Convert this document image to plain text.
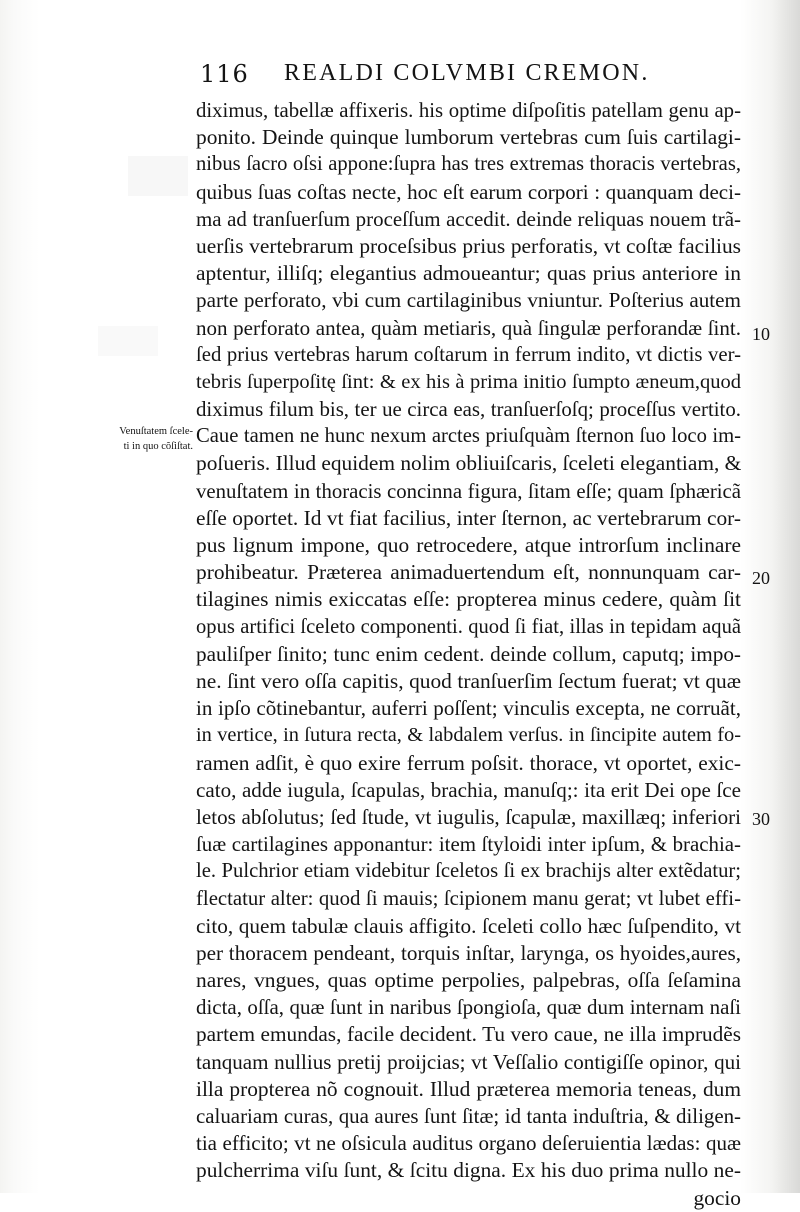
116 REALDI COLVMBI CREMON.
Venuſtatem ſcele-
ti in quo cõſiſtat.
10
20
30
diximus, tabellæ affixeris. his optime diſpoſitis patellam genu ap-
ponito. Deinde quinque lumborum vertebras cum ſuis cartilagi-
nibus ſacro oſsi appone:ſupra has tres extremas thoracis vertebras,
quibus ſuas coſtas necte, hoc eſt earum corpori : quanquam deci-
ma ad tranſuerſum proceſſum accedit. deinde reliquas nouem trã-
uerſis vertebrarum proceſsibus prius perforatis, vt coſtæ facilius
aptentur, illiſq; elegantius admoueantur; quas prius anteriore in
parte perforato, vbi cum cartilaginibus vniuntur. Poſterius autem
non perforato antea, quàm metiaris, quà ſingulæ perforandæ ſint.
ſed prius vertebras harum coſtarum in ferrum indito, vt dictis ver-
tebris ſuperpoſitę ſint: & ex his à prima initio ſumpto æneum,quod
diximus filum bis, ter ue circa eas, tranſuerſoſq; proceſſus vertito.
Caue tamen ne hunc nexum arctes priuſquàm ſternon ſuo loco im-
poſueris. Illud equidem nolim obliuiſcaris, ſceleti elegantiam, &
venuſtatem in thoracis concinna figura, ſitam eſſe; quam ſphæricã
eſſe oportet. Id vt fiat facilius, inter ſternon, ac vertebrarum cor-
pus lignum impone, quo retrocedere, atque introrſum inclinare
prohibeatur. Præterea animaduertendum eſt, nonnunquam car-
tilagines nimis exiccatas eſſe: propterea minus cedere, quàm ſit
opus artifici ſceleto componenti. quod ſi fiat, illas in tepidam aquã
pauliſper ſinito; tunc enim cedent. deinde collum, caputq; impo-
ne. ſint vero oſſa capitis, quod tranſuerſim ſectum fuerat; vt quæ
in ipſo cõtinebantur, auferri poſſent; vinculis excepta, ne corruãt,
in vertice, in ſutura recta, & labdalem verſus. in ſincipite autem fo-
ramen adſit, è quo exire ferrum poſsit. thorace, vt oportet, exic-
cato, adde iugula, ſcapulas, brachia, manuſq;: ita erit Dei ope ſce
letos abſolutus; ſed ſtude, vt iugulis, ſcapulæ, maxillæq; inferiori
ſuæ cartilagines apponantur: item ſtyloidi inter ipſum, & brachia-
le. Pulchrior etiam videbitur ſceletos ſi ex brachijs alter extẽdatur;
flectatur alter: quod ſi mauis; ſcipionem manu gerat; vt lubet effi-
cito, quem tabulæ clauis affigito. ſceleti collo hæc ſuſpendito, vt
per thoracem pendeant, torquis inſtar, larynga, os hyoides,aures,
nares, vngues, quas optime perpolies, palpebras, oſſa ſeſamina
dicta, oſſa, quæ ſunt in naribus ſpongioſa, quæ dum internam naſi
partem emundas, facile decident. Tu vero caue, ne illa imprudẽs
tanquam nullius pretij proijcias; vt Veſſalio contigiſſe opinor, qui
illa propterea nõ cognouit. Illud præterea memoria teneas, dum
caluariam curas, qua aures ſunt ſitæ; id tanta induſtria, & diligen-
tia efficito; vt ne oſsicula auditus organo deſeruientia lædas: quæ
pulcherrima viſu ſunt, & ſcitu digna. Ex his duo prima nullo ne-
gocio
